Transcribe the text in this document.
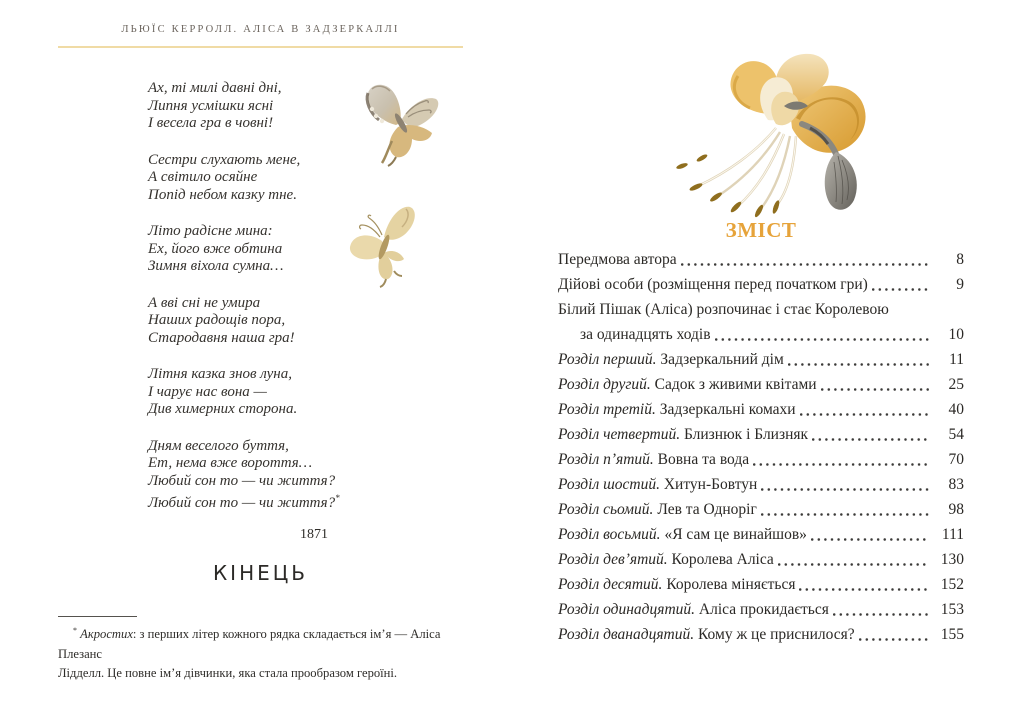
ЛЬЮЇС КЕРРОЛЛ. АЛІСА В ЗАДЗЕРКАЛЛІ
Ах, ті милі давні дні,
Липня усмішки ясні
І весела гра в човні!
Сестри слухають мене,
А світило осяйне
Попід небом казку тне.
Літо радісне мина:
Ех, його вже обтина
Зимня віхола сумна…
А вві сні не умира
Наших радощів пора,
Стародавня наша гра!
Літня казка знов луна,
І чарує нас вона —
Див химерних сторона.
Дням веселого буття,
Ет, нема вже вороття…
Любий сон то — чи життя?
Любий сон то — чи життя?*
1871
КІНЕЦЬ
* Акростих: з перших літер кожного рядка складається ім’я — Аліса Плезанс
Лідделл. Це повне ім’я дівчинки, яка стала прообразом героїні.
ЗМІСТ
Передмова автора	8
Дійові особи (розміщення перед початком гри)	9
Білий Пішак (Аліса) розпочинає і стає Королевою
за одинадцять ходів	10
Розділ перший. Задзеркальний дім	11
Розділ другий. Садок з живими квітами	25
Розділ третій. Задзеркальні комахи	40
Розділ четвертий. Близнюк і Близняк	54
Розділ п’ятий. Вовна та вода	70
Розділ шостий. Хитун-Бовтун	83
Розділ сьомий. Лев та Одноріг	98
Розділ восьмий. «Я сам це винайшов»	111
Розділ дев’ятий. Королева Аліса	130
Розділ десятий. Королева міняється	152
Розділ одинадцятий. Аліса прокидається	153
Розділ дванадцятий. Кому ж це приснилося?	155
